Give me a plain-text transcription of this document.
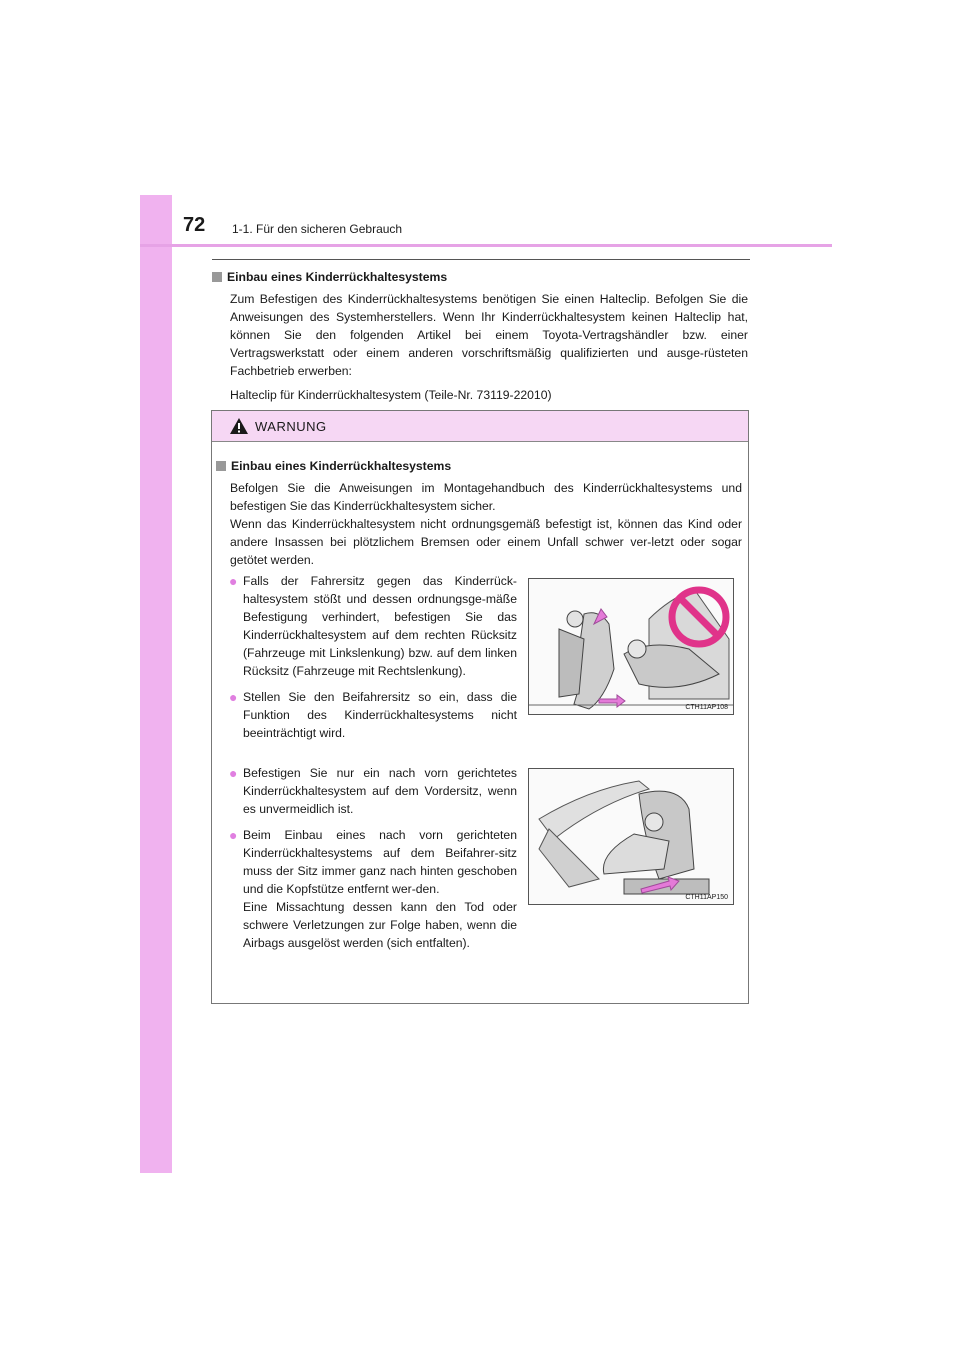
72 1-1. Für den sicheren Gebrauch
Einbau eines Kinderrückhaltesystems
Zum Befestigen des Kinderrückhaltesystems benötigen Sie einen Halteclip. Befolgen Sie die Anweisungen des Systemherstellers. Wenn Ihr Kinderrückhaltesystem keinen Halteclip hat, können Sie den folgenden Artikel bei einem Toyota-Vertragshändler bzw. einer Vertragswerkstatt oder einem anderen vorschriftsmäßig qualifizierten und ausge-rüsteten Fachbetrieb erwerben:
Halteclip für Kinderrückhaltesystem (Teile-Nr. 73119-22010)
WARNUNG
Einbau eines Kinderrückhaltesystems
Befolgen Sie die Anweisungen im Montagehandbuch des Kinderrückhaltesystems und befestigen Sie das Kinderrückhaltesystem sicher.
Wenn das Kinderrückhaltesystem nicht ordnungsgemäß befestigt ist, können das Kind oder andere Insassen bei plötzlichem Bremsen oder einem Unfall schwer ver-letzt oder sogar getötet werden.
● Falls der Fahrersitz gegen das Kinderrück-haltesystem stößt und dessen ordnungsge-mäße Befestigung verhindert, befestigen Sie das Kinderrückhaltesystem auf dem rechten Rücksitz (Fahrzeuge mit Linkslenkung) bzw. auf dem linken Rücksitz (Fahrzeuge mit Rechtslenkung).
● Stellen Sie den Beifahrersitz so ein, dass die Funktion des Kinderrückhaltesystems nicht beeinträchtigt wird.
CTH11AP108
● Befestigen Sie nur ein nach vorn gerichtetes Kinderrückhaltesystem auf dem Vordersitz, wenn es unvermeidlich ist.
● Beim Einbau eines nach vorn gerichteten Kinderrückhaltesystems auf dem Beifahrer-sitz muss der Sitz immer ganz nach hinten geschoben und die Kopfstütze entfernt wer-den.
Eine Missachtung dessen kann den Tod oder schwere Verletzungen zur Folge haben, wenn die Airbags ausgelöst werden (sich entfalten).
CTH11AP150
